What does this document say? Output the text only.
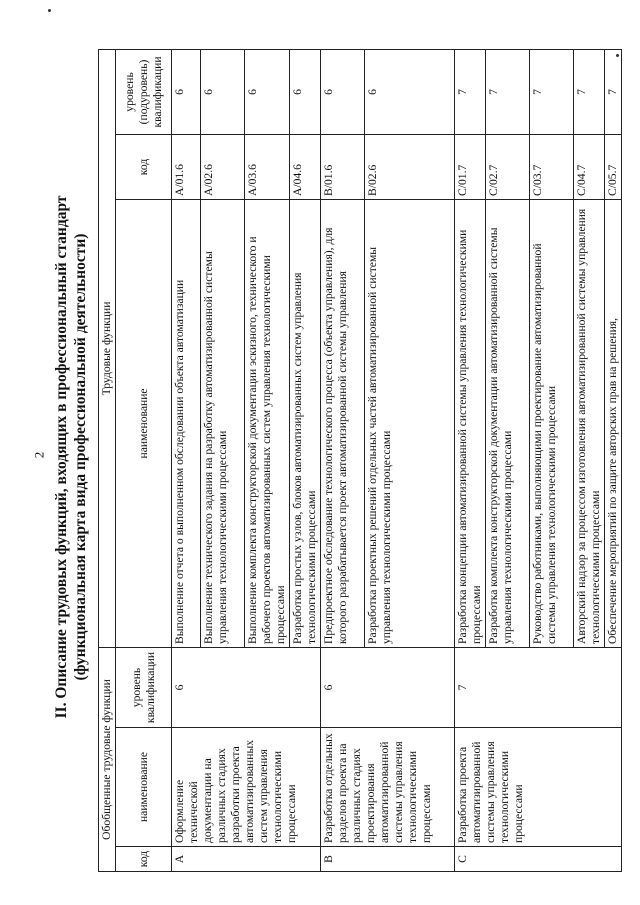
2 II. Описание трудовых функций, входящих в профессиональный стандарт (функциональная карта вида профессиональной деятельности)
Обобщенные трудовые функции			Трудовые функции		
код	наименование	уровень квалификации	наименование	код	уровень (подуровень) квалификации
A	Оформление технической документации на различных стадиях разработки проекта автоматизированных систем управления технологическими процессами	6	Выполнение отчета о выполненном обследовании объекта автоматизации	A/01.6	6
			Выполнение технического задания на разработку автоматизированной системы управления технологическими процессами	A/02.6	6
			Выполнение комплекта конструкторской документации эскизного, технического и рабочего проектов автоматизированных систем управления технологическими процессами	A/03.6	6
			Разработка простых узлов, блоков автоматизированных систем управления технологическими процессами	A/04.6	6
B	Разработка отдельных разделов проекта на различных стадиях проектирования автоматизированной системы управления технологическими процессами	6	Предпроектное обследование технологического процесса (объекта управления), для которого разрабатывается проект автоматизированной системы управления	B/01.6	6
			Разработка проектных решений отдельных частей автоматизированной системы управления технологическими процессами	B/02.6	6
C	Разработка проекта автоматизированной системы управления технологическими процессами	7	Разработка концепции автоматизированной системы управления технологическими процессами	C/01.7	7
			Разработка комплекта конструкторской документации автоматизированной системы управления технологическими процессами	C/02.7	7
			Руководство работниками, выполняющими проектирование автоматизированной системы управления технологическими процессами	C/03.7	7
			Авторский надзор за процессом изготовления автоматизированной системы управления технологическими процессами	C/04.7	7
			Обеспечение мероприятий по защите авторских прав на решения,	C/05.7	7
